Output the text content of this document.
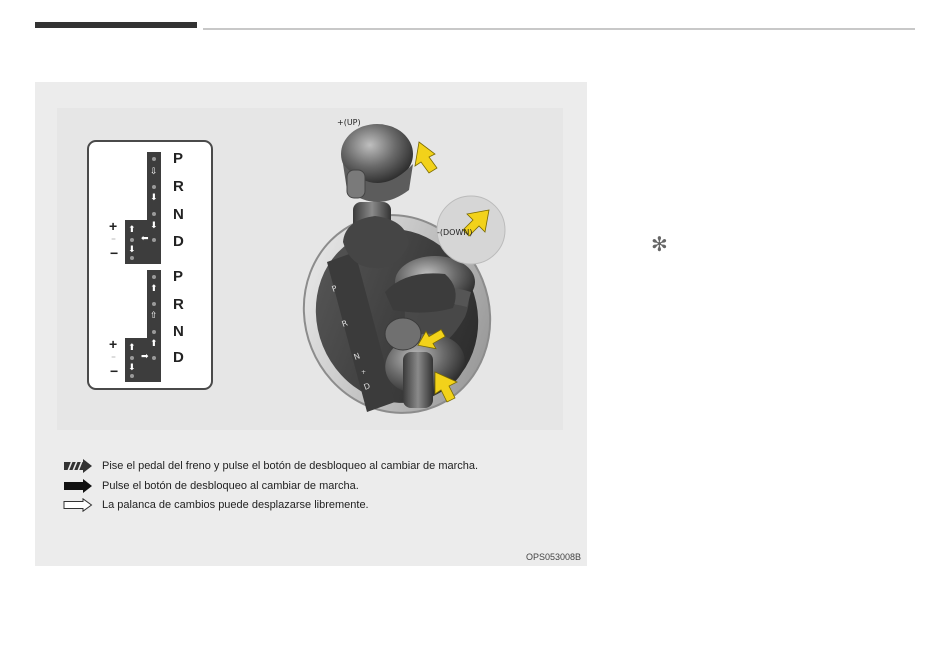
⇩
⬇
⬇
⬅
⬆
⬇
P
R
N
D
+
=
−
⬆
⇧
⬆
➡
⬆
⬇
P
R
N
D
+
=
−
P
R
N
+
D
+(UP)
-(DOWN)
Pise el pedal del freno y pulse el botón de desbloqueo al cambiar de marcha.
Pulse el botón de desbloqueo al cambiar de marcha.
La palanca de cambios puede desplazarse libremente.
OPS053008B
✻
